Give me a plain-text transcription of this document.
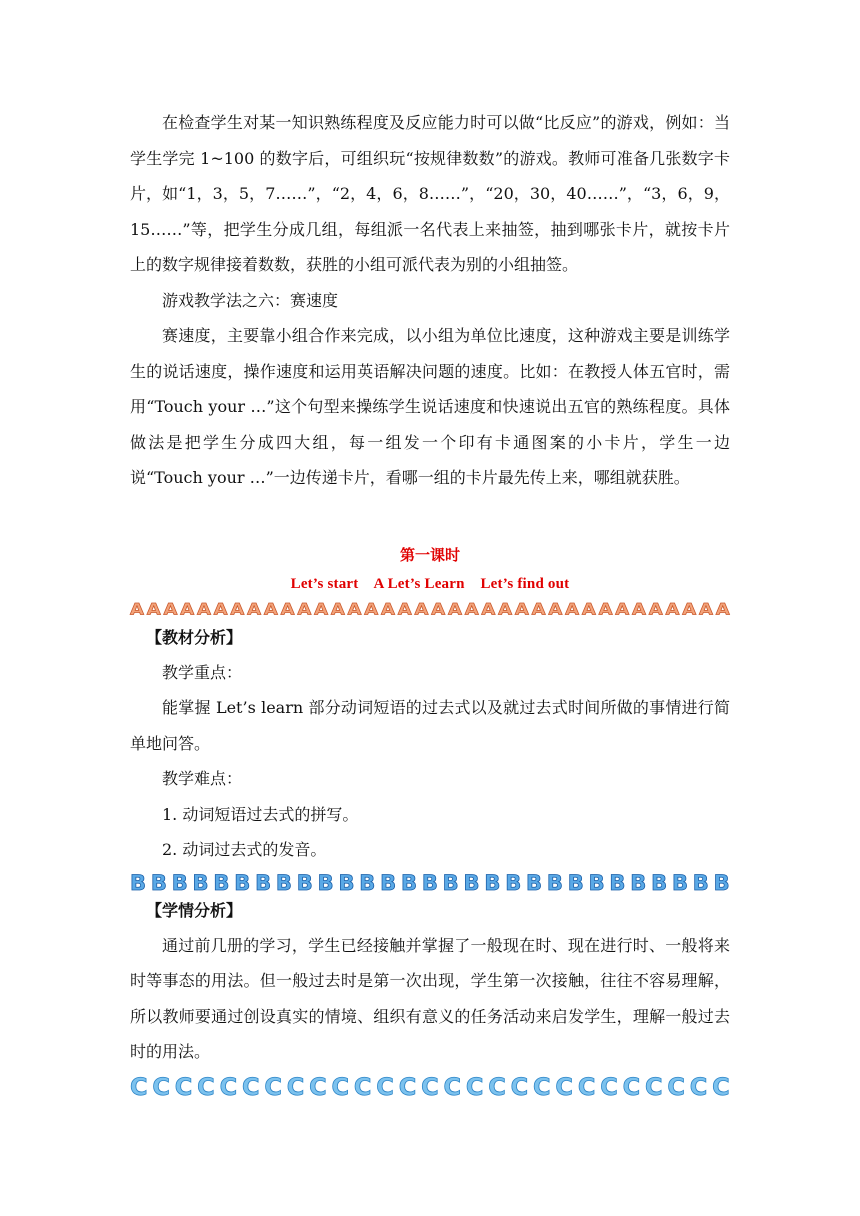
在检查学生对某一知识熟练程度及反应能力时可以做“比反应”的游戏，例如：当学生学完 1~100 的数字后，可组织玩“按规律数数”的游戏。教师可准备几张数字卡片，如“1，3，5，7……”，“2，4，6，8……”，“20，30，40……”，“3，6，9，15……”等，把学生分成几组，每组派一名代表上来抽签，抽到哪张卡片，就按卡片上的数字规律接着数数，获胜的小组可派代表为别的小组抽签。

游戏教学法之六：赛速度

赛速度，主要靠小组合作来完成，以小组为单位比速度，这种游戏主要是训练学生的说话速度，操作速度和运用英语解决问题的速度。比如：在教授人体五官时，需用“Touch your …”这个句型来操练学生说话速度和快速说出五官的熟练程度。具体做法是把学生分成四大组，每一组发一个印有卡通图案的小卡片，学生一边说“Touch your …”一边传递卡片，看哪一组的卡片最先传上来，哪组就获胜。

第一课时
Let’s start    A Let’s Learn    Let’s find out
A A A A A A A A A A A A A A A A A A A A A A A A A A A A A A A A A A A A

【教材分析】

教学重点：

能掌握 Let’s learn 部分动词短语的过去式以及就过去式时间所做的事情进行简单地问答。

教学难点：

1. 动词短语过去式的拼写。

2. 动词过去式的发音。

B B B B B B B B B B B B B B B B B B B B B B B B B B B B B

【学情分析】

通过前几册的学习，学生已经接触并掌握了一般现在时、现在进行时、一般将来时等事态的用法。但一般过去时是第一次出现，学生第一次接触，往往不容易理解，所以教师要通过创设真实的情境、组织有意义的任务活动来启发学生，理解一般过去时的用法。

C C C C C C C C C C C C C C C C C C C C C C C C C C C
